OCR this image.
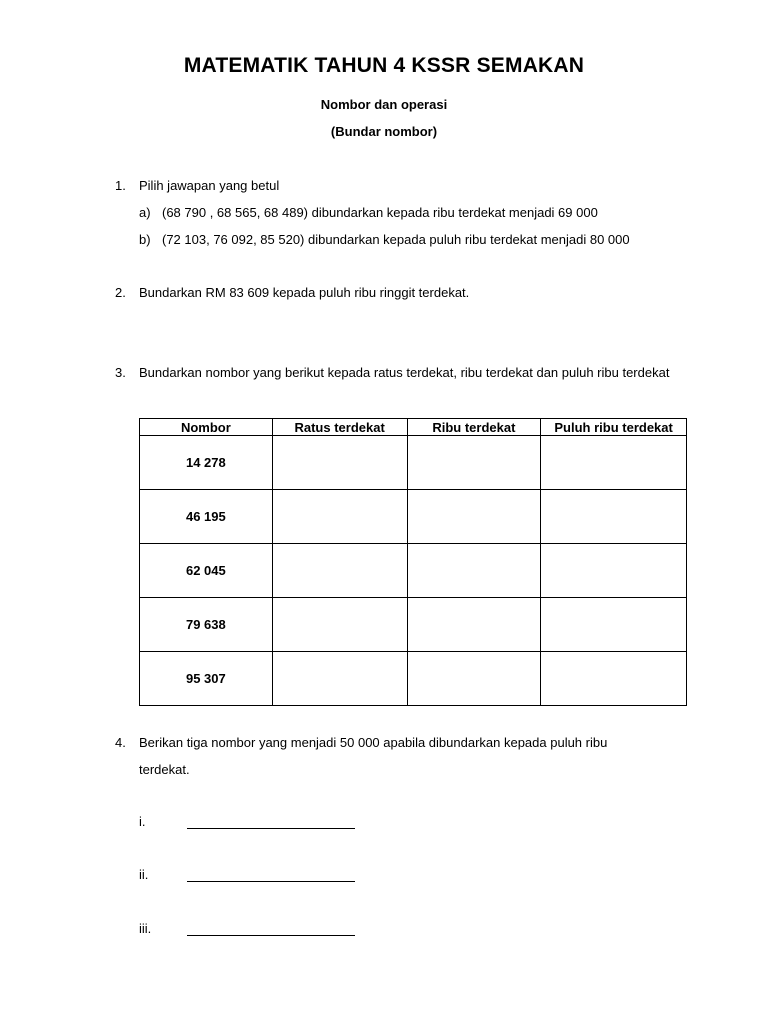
MATEMATIK TAHUN 4 KSSR SEMAKAN
Nombor dan operasi
(Bundar nombor)
1. Pilih jawapan yang betul
a) (68 790 , 68 565, 68 489) dibundarkan kepada ribu terdekat menjadi 69 000
b) (72 103, 76 092, 85 520) dibundarkan kepada puluh ribu terdekat menjadi 80 000
2. Bundarkan RM 83 609 kepada puluh ribu ringgit terdekat.
3. Bundarkan nombor yang berikut kepada ratus terdekat, ribu terdekat dan puluh ribu terdekat
Nombor	Ratus terdekat	Ribu terdekat	Puluh ribu terdekat
14 278			
46 195			
62 045			
79 638			
95 307			
4. Berikan tiga nombor yang menjadi 50 000 apabila dibundarkan kepada puluh ribu
terdekat.
i.
ii.
iii.
